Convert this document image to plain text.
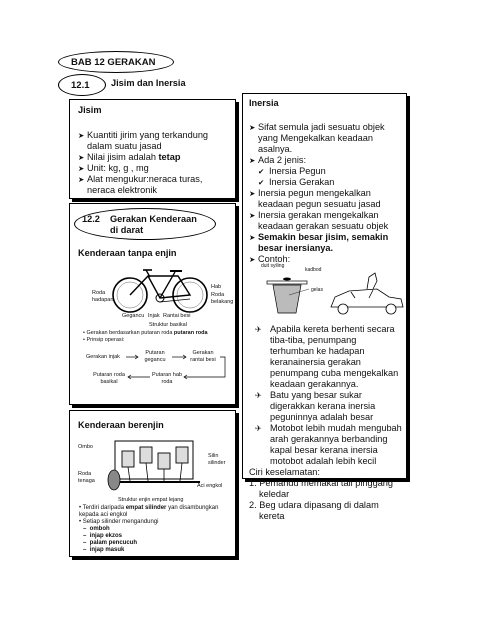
BAB 12 GERAKAN
12.1 Jisim dan Inersia
Jisim
➤ Kuantiti jirim yang terkandung dalam suatu jasad
➤ Nilai jisim adalah tetap
➤ Unit: kg, g , mg
➤ Alat mengukur:neraca turas, neraca elektronik
12.2 Gerakan Kenderaan di darat
Kenderaan tanpa enjin
Hab
Roda hadapan
Roda belakang
Gegancu Injak Rantai besi
Struktur basikal
• Gerakan berdasarkan putaran roda putaran roda
• Prinsip operasi:
Gerakan injak
Putaran gegancu
Gerakan rantai besi
Putaran roda basikal
Putaran hab roda
Kenderaan berenjin
Ombo
Silin silinder
Roda tenaga
Aci engkol
Struktur enjin empat lejang
• Terdiri daripada empat silinder yan disambungkan kepada aci engkol
• Setiap silinder mengandungi
–  omboh
–  injap ekzos
–  palam pencucuh
–  injap masuk
Inersia
➤ Sifat semula jadi sesuatu objek yang Mengekalkan keadaan asalnya.
➤ Ada 2 jenis:
✔ Inersia Pegun
✔ Inersia Gerakan
➤ Inersia pegun mengekalkan keadaan pegun sesuatu jasad
➤ Inersia gerakan mengekalkan keadaan gerakan sesuatu objek
➤ Semakin besar jisim, semakin besar inersianya.
➤ Contoh:
duit syiling
kadbod
gelas
✈ Apabila kereta berhenti secara tiba-tiba, penumpang terhumban ke hadapan keranainersia gerakan penumpang cuba mengekalkan keadaan gerakannya.
✈ Batu yang besar sukar digerakkan kerana inersia peguninnya adalah besar
✈ Motobot lebih mudah mengubah arah gerakannya berbanding kapal besar kerana inersia motobot adalah lebih kecil
Ciri keselamatan:
1. Pemandu memakai tali pinggang keledar
2. Beg udara dipasang di dalam kereta
